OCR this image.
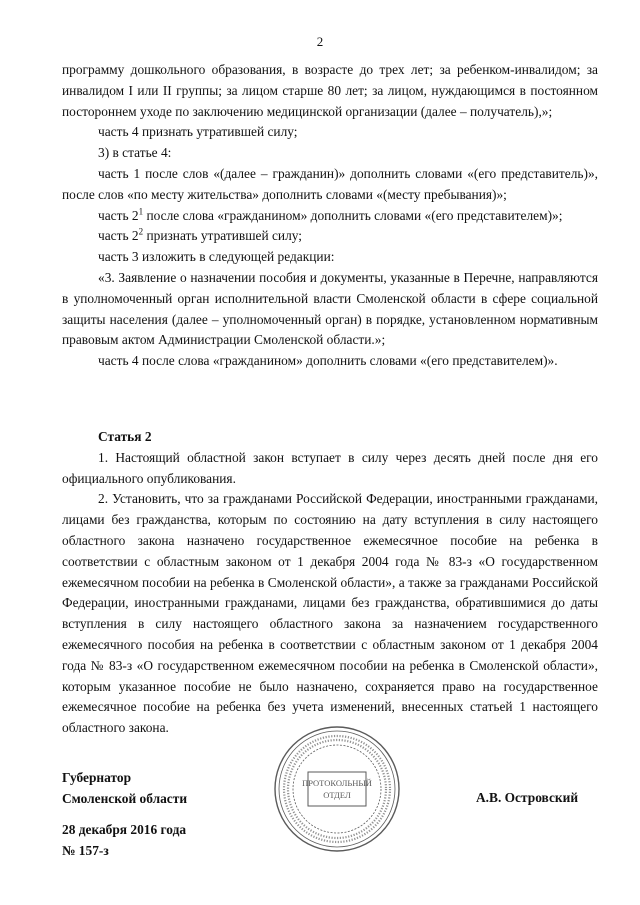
2

программу дошкольного образования, в возрасте до трех лет; за ребенком-инвалидом; за инвалидом I или II группы; за лицом старше 80 лет; за лицом, нуждающимся в постоянном постороннем уходе по заключению медицинской организации (далее – получатель),»;

часть 4 признать утратившей силу;

3) в статье 4:

часть 1 после слов «(далее – гражданин)» дополнить словами «(его представитель)», после слов «по месту жительства» дополнить словами «(месту пребывания)»;

часть $2^1$ после слова «гражданином» дополнить словами «(его представителем)»;

часть $2^2$ признать утратившей силу;

часть 3 изложить в следующей редакции:

«3. Заявление о назначении пособия и документы, указанные в Перечне, направляются в уполномоченный орган исполнительной власти Смоленской области в сфере социальной защиты населения (далее – уполномоченный орган) в порядке, установленном нормативным правовым актом Администрации Смоленской области.»;

часть 4 после слова «гражданином» дополнить словами «(его представителем)».

Статья 2

1. Настоящий областной закон вступает в силу через десять дней после дня его официального опубликования.

2. Установить, что за гражданами Российской Федерации, иностранными гражданами, лицами без гражданства, которым по состоянию на дату вступления в силу настоящего областного закона назначено государственное ежемесячное пособие на ребенка в соответствии с областным законом от 1 декабря 2004 года № 83-з «О государственном ежемесячном пособии на ребенка в Смоленской области», а также за гражданами Российской Федерации, иностранными гражданами, лицами без гражданства, обратившимися до даты вступления в силу настоящего областного закона за назначением государственного ежемесячного пособия на ребенка в соответствии с областным законом от 1 декабря 2004 года № 83-з «О государственном ежемесячном пособии на ребенка в Смоленской области», которым указанное пособие не было назначено, сохраняется право на государственное ежемесячное пособие на ребенка без учета изменений, внесенных статьей 1 настоящего областного закона.

Губернатор
Смоленской области	А.В. Островский
28 декабря 2016 года
№ 157-з
ПРОТОКОЛЬНЫЙ
ОТДЕЛ
